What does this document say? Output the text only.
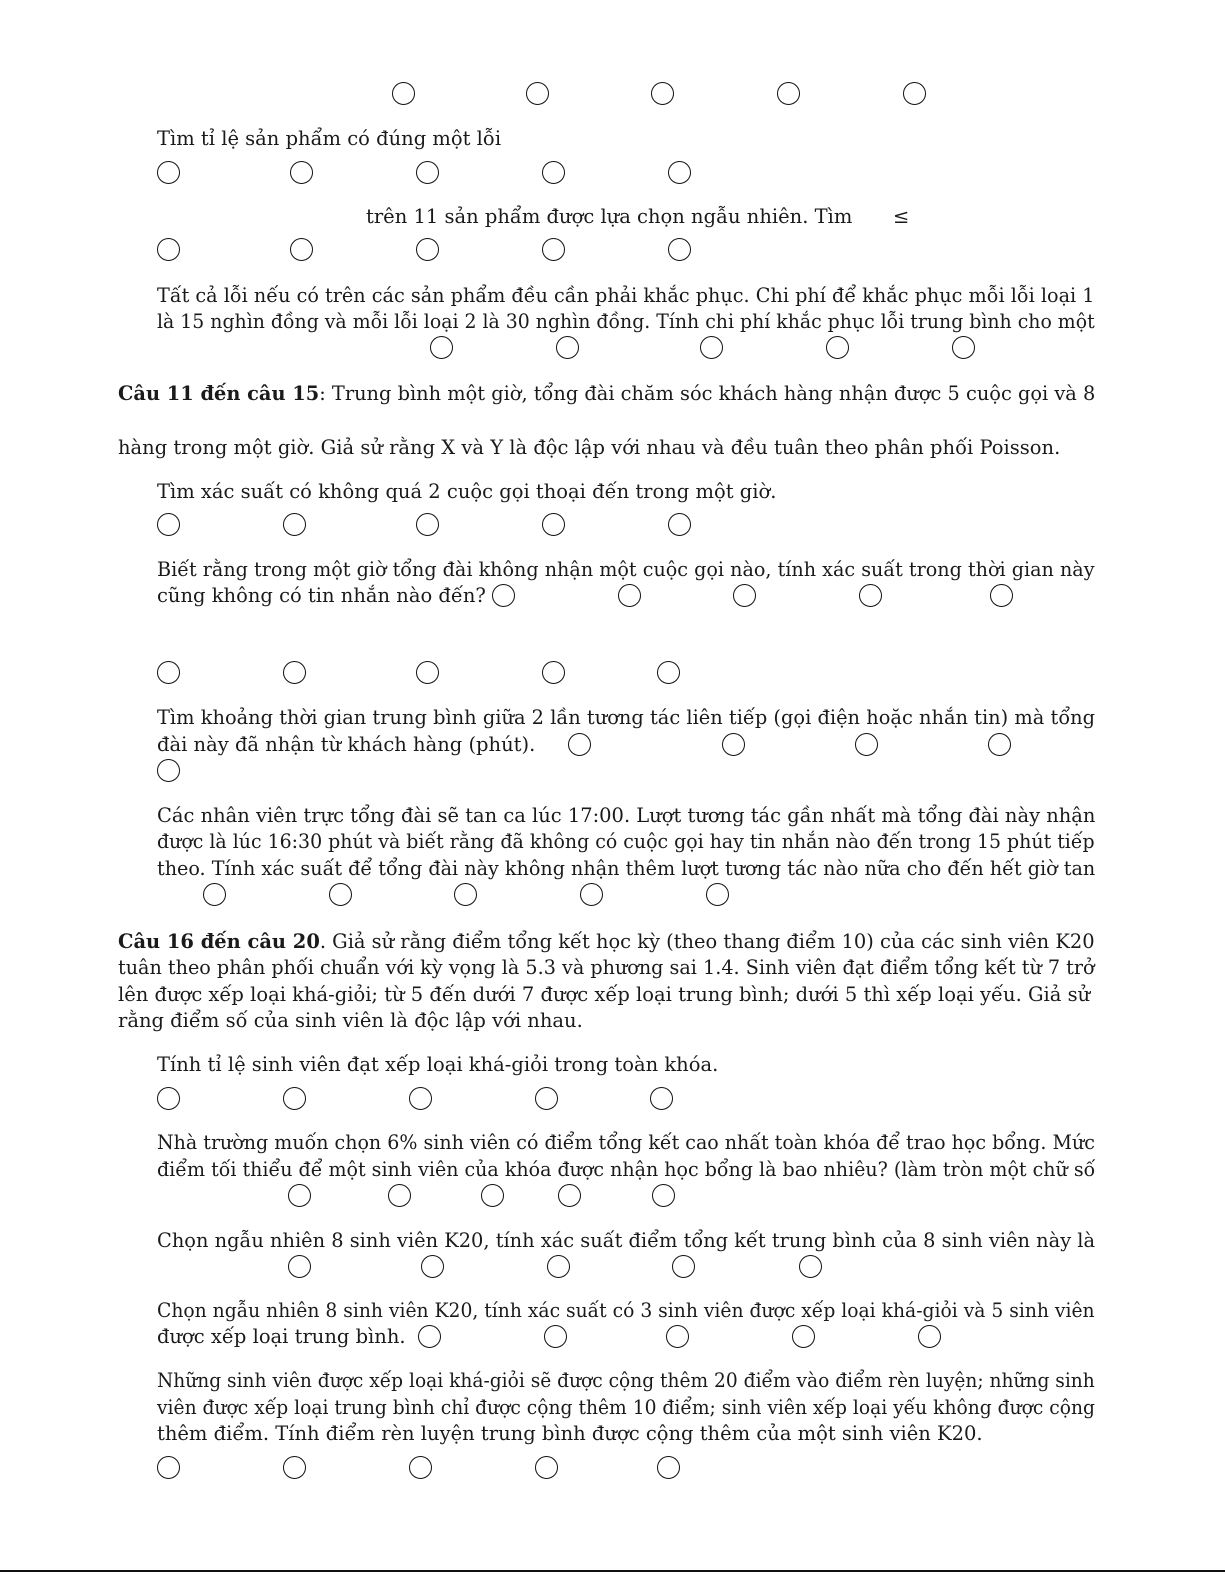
Tìm tỉ lệ sản phẩm có đúng một lỗi

trên 11 sản phẩm được lựa chọn ngẫu nhiên. Tìm ≤

Tất cả lỗi nếu có trên các sản phẩm đều cần phải khắc phục. Chi phí để khắc phục mỗi lỗi loại 1

là 15 nghìn đồng và mỗi lỗi loại 2 là 30 nghìn đồng. Tính chi phí khắc phục lỗi trung bình cho một

Câu 11 đến câu 15: Trung bình một giờ, tổng đài chăm sóc khách hàng nhận được 5 cuộc gọi và 8

hàng trong một giờ. Giả sử rằng X và Y là độc lập với nhau và đều tuân theo phân phối Poisson.

Tìm xác suất có không quá 2 cuộc gọi thoại đến trong một giờ.

Biết rằng trong một giờ tổng đài không nhận một cuộc gọi nào, tính xác suất trong thời gian này

cũng không có tin nhắn nào đến?

Tìm khoảng thời gian trung bình giữa 2 lần tương tác liên tiếp (gọi điện hoặc nhắn tin) mà tổng

đài này đã nhận từ khách hàng (phút).

Các nhân viên trực tổng đài sẽ tan ca lúc 17:00. Lượt tương tác gần nhất mà tổng đài này nhận

được là lúc 16:30 phút và biết rằng đã không có cuộc gọi hay tin nhắn nào đến trong 15 phút tiếp

theo. Tính xác suất để tổng đài này không nhận thêm lượt tương tác nào nữa cho đến hết giờ tan

Câu 16 đến câu 20. Giả sử rằng điểm tổng kết học kỳ (theo thang điểm 10) của các sinh viên K20

tuân theo phân phối chuẩn với kỳ vọng là 5.3 và phương sai 1.4. Sinh viên đạt điểm tổng kết từ 7 trở

lên được xếp loại khá-giỏi; từ 5 đến dưới 7 được xếp loại trung bình; dưới 5 thì xếp loại yếu. Giả sử

rằng điểm số của sinh viên là độc lập với nhau.

Tính tỉ lệ sinh viên đạt xếp loại khá-giỏi trong toàn khóa.

Nhà trường muốn chọn 6% sinh viên có điểm tổng kết cao nhất toàn khóa để trao học bổng. Mức

điểm tối thiểu để một sinh viên của khóa được nhận học bổng là bao nhiêu? (làm tròn một chữ số

Chọn ngẫu nhiên 8 sinh viên K20, tính xác suất điểm tổng kết trung bình của 8 sinh viên này là

Chọn ngẫu nhiên 8 sinh viên K20, tính xác suất có 3 sinh viên được xếp loại khá-giỏi và 5 sinh viên

được xếp loại trung bình.

Những sinh viên được xếp loại khá-giỏi sẽ được cộng thêm 20 điểm vào điểm rèn luyện; những sinh

viên được xếp loại trung bình chỉ được cộng thêm 10 điểm; sinh viên xếp loại yếu không được cộng

thêm điểm. Tính điểm rèn luyện trung bình được cộng thêm của một sinh viên K20.
